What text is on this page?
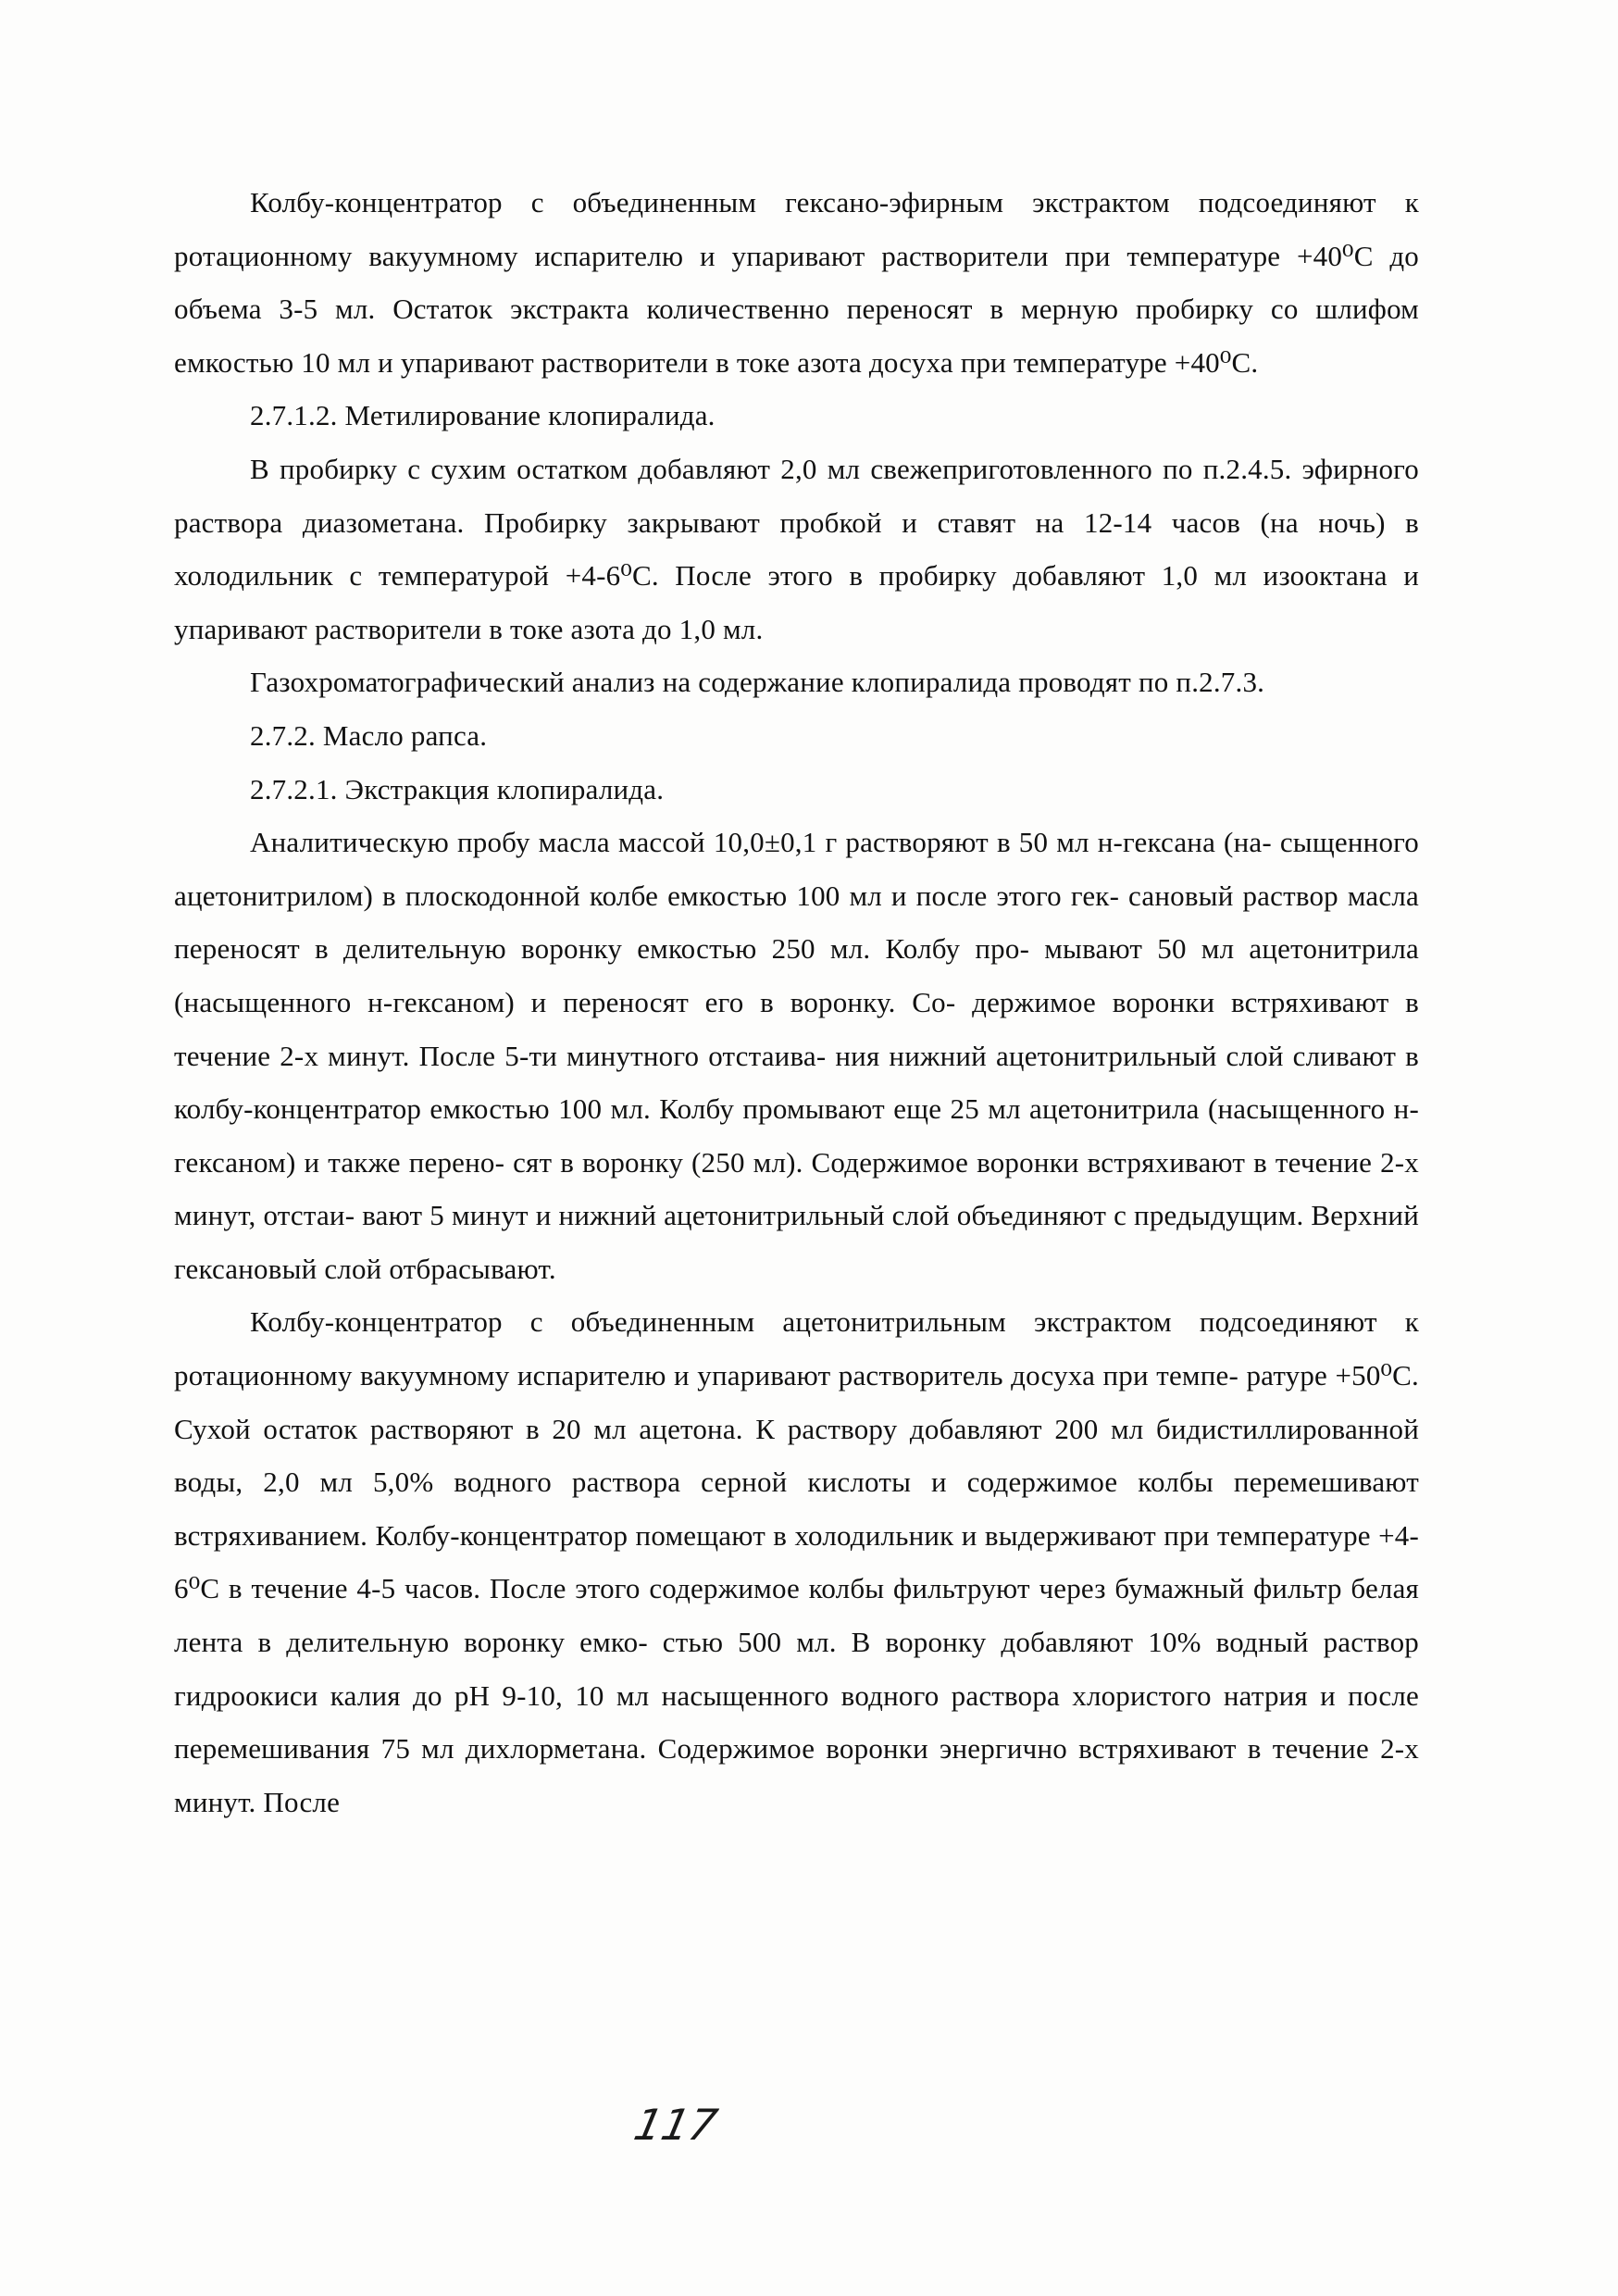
Колбу-концентратор с объединенным гексано-эфирным экстрактом подсоединяют к ротационному вакуумному испарителю и упаривают растворители при температуре +40⁰С до объема 3-5 мл. Остаток экстракта количественно переносят в мерную пробирку со шлифом емкостью 10 мл и упаривают растворители в токе азота досуха при температуре +40⁰С.

2.7.1.2. Метилирование клопиралида.

В пробирку с сухим остатком добавляют 2,0 мл свежеприготовленного по п.2.4.5. эфирного раствора диазометана. Пробирку закрывают пробкой и ставят на 12-14 часов (на ночь) в холодильник с температурой +4-6⁰С. После этого в пробирку добавляют 1,0 мл изооктана и упаривают растворители в токе азота до 1,0 мл.

Газохроматографический анализ на содержание клопиралида проводят по п.2.7.3.

2.7.2. Масло рапса.

2.7.2.1. Экстракция клопиралида.

Аналитическую пробу масла массой 10,0±0,1 г растворяют в 50 мл н-гексана (на- сыщенного ацетонитрилом) в плоскодонной колбе емкостью 100 мл и после этого гек- сановый раствор масла переносят в делительную воронку емкостью 250 мл. Колбу про- мывают 50 мл ацетонитрила (насыщенного н-гексаном) и переносят его в воронку. Со- держимое воронки встряхивают в течение 2-х минут. После 5-ти минутного отстаива- ния нижний ацетонитрильный слой сливают в колбу-концентратор емкостью 100 мл. Колбу промывают еще 25 мл ацетонитрила (насыщенного н-гексаном) и также перено- сят в воронку (250 мл). Содержимое воронки встряхивают в течение 2-х минут, отстаи- вают 5 минут и нижний ацетонитрильный слой объединяют с предыдущим. Верхний гексановый слой отбрасывают.

Колбу-концентратор с объединенным ацетонитрильным экстрактом подсоединяют к ротационному вакуумному испарителю и упаривают растворитель досуха при темпе- ратуре +50⁰С. Сухой остаток растворяют в 20 мл ацетона. К раствору добавляют 200 мл бидистиллированной воды, 2,0 мл 5,0% водного раствора серной кислоты и содержимое колбы перемешивают встряхиванием. Колбу-концентратор помещают в холодильник и выдерживают при температуре +4-6⁰С в течение 4-5 часов. После этого содержимое колбы фильтруют через бумажный фильтр белая лента в делительную воронку емко- стью 500 мл. В воронку добавляют 10% водный раствор гидроокиси калия до рН 9-10, 10 мл насыщенного водного раствора хлористого натрия и после перемешивания 75 мл дихлорметана. Содержимое воронки энергично встряхивают в течение 2-х минут. После

117
